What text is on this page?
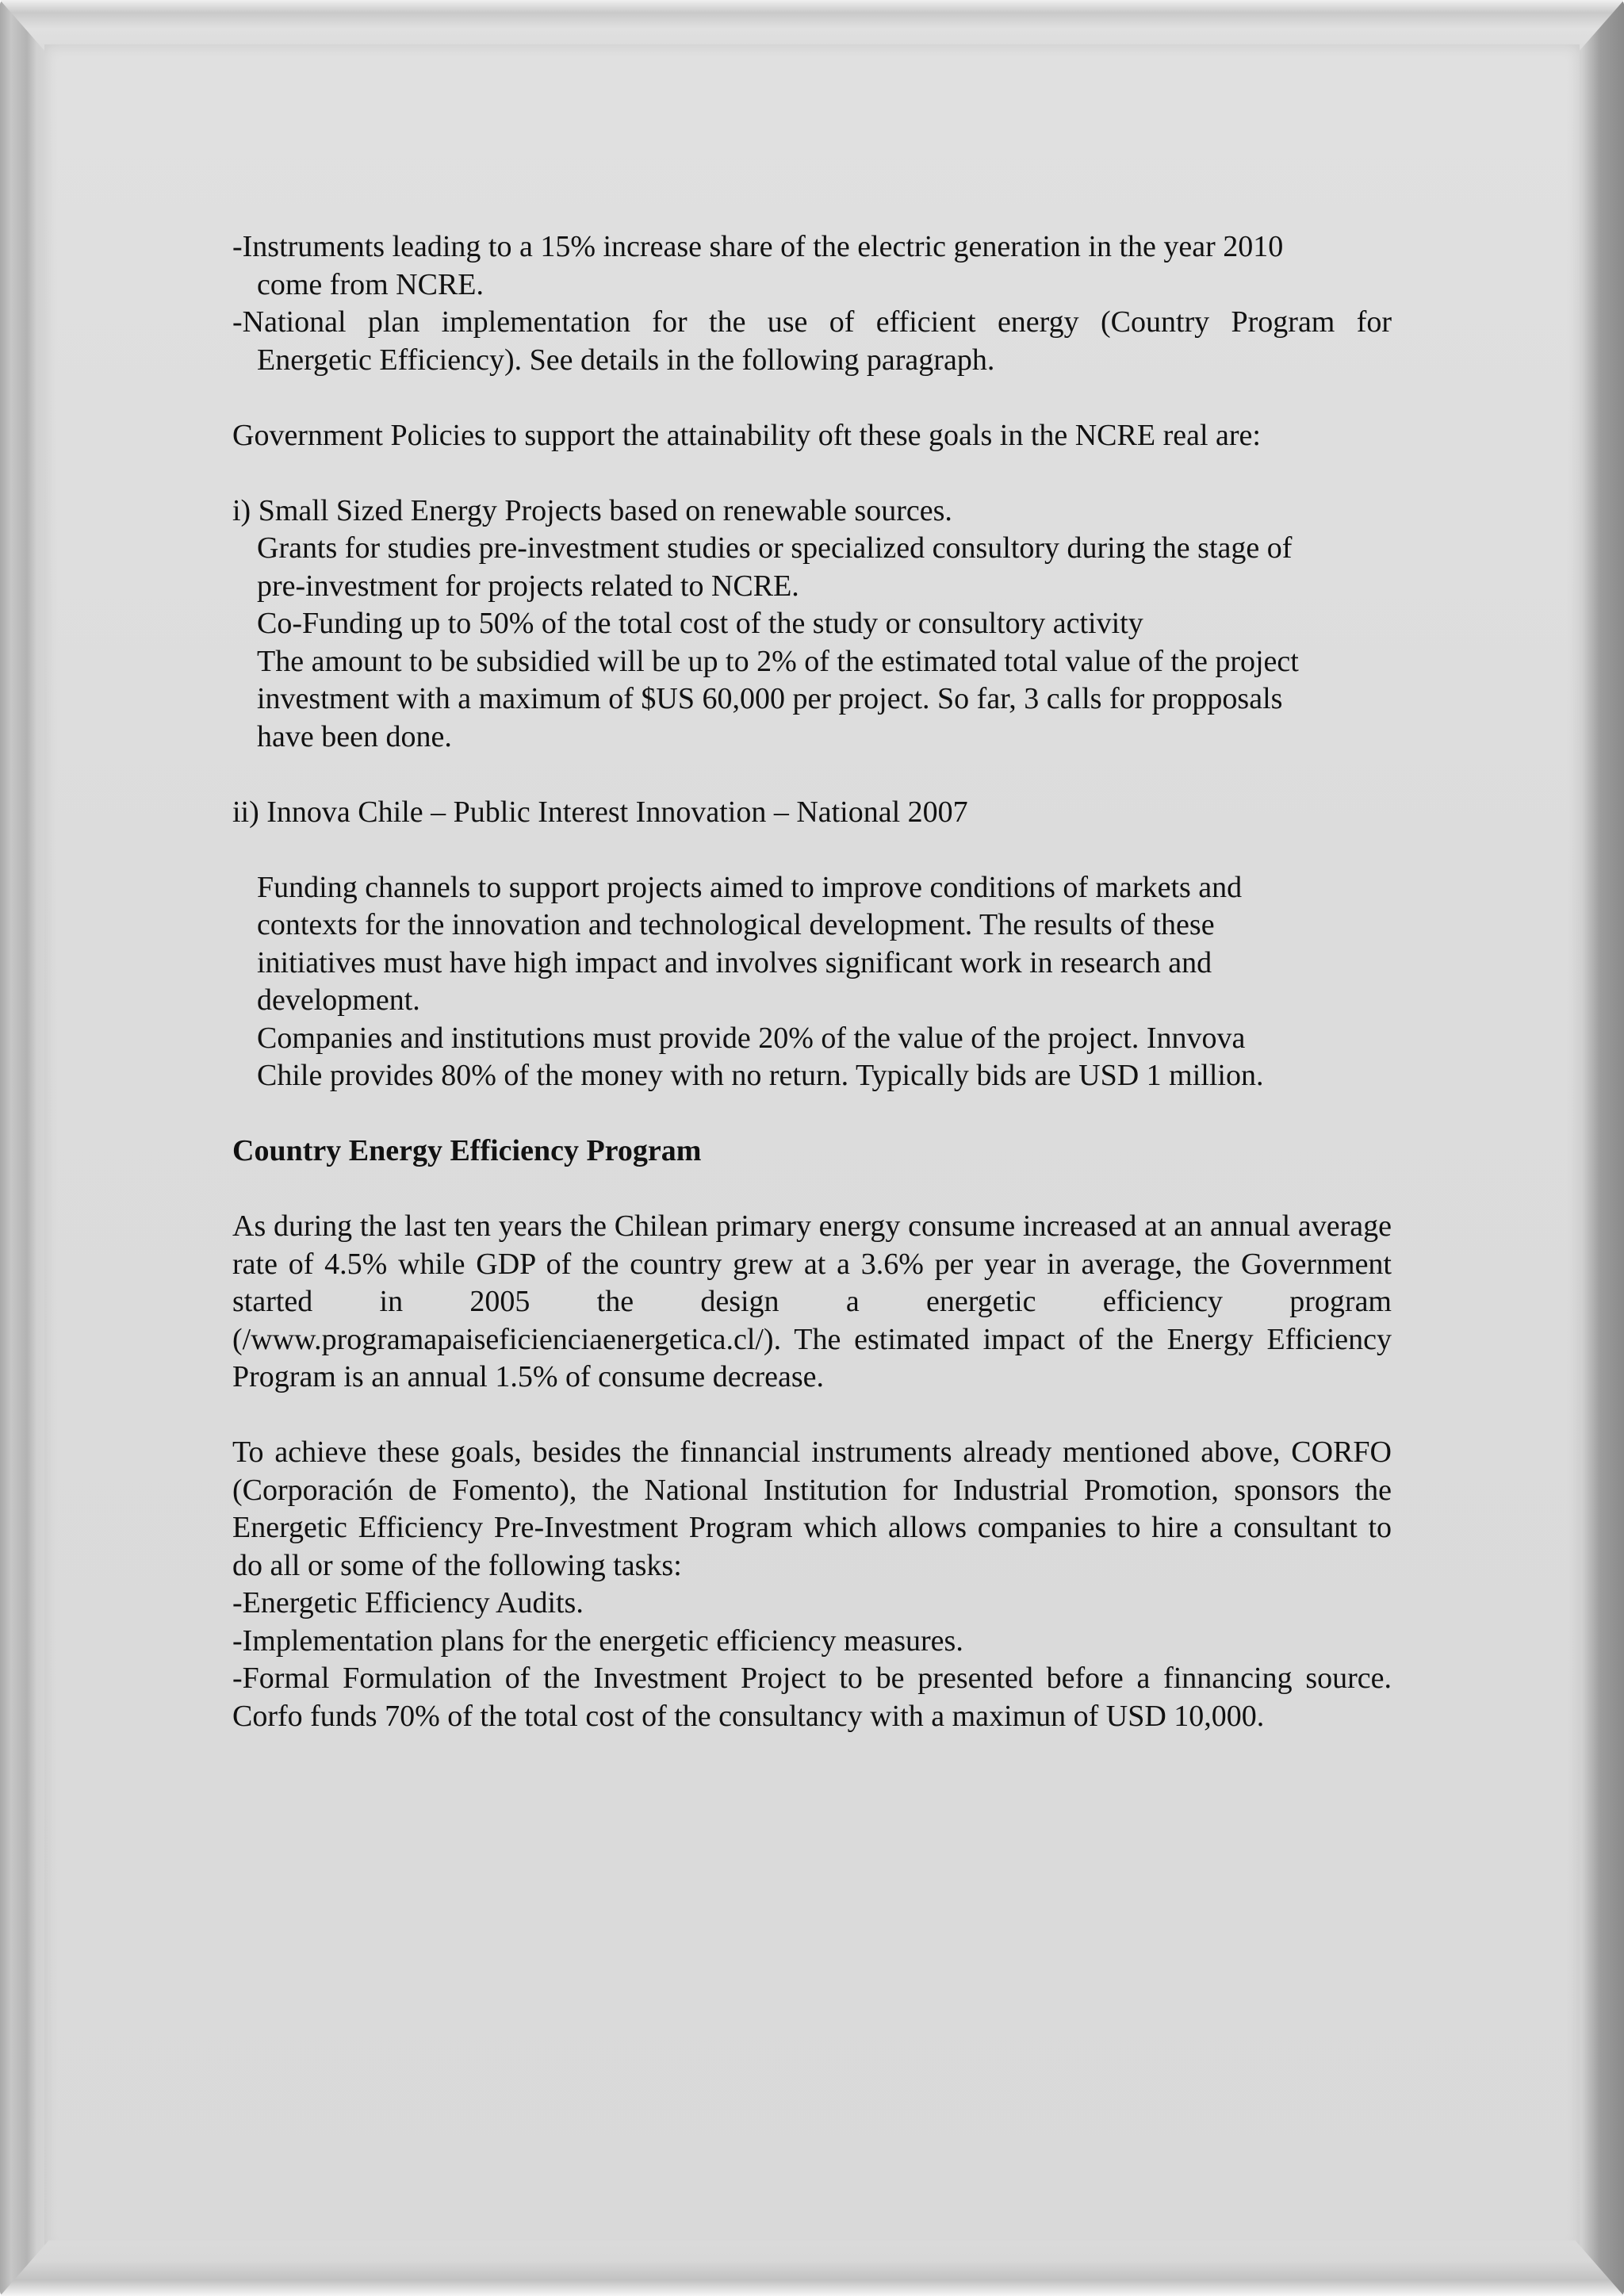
-Instruments leading to a 15% increase share of the electric generation in the year 2010

come from NCRE.

-National plan implementation for the use of efficient energy (Country Program for

Energetic Efficiency). See details in the following paragraph.

Government Policies to support the attainability oft these goals in the NCRE real are:

i) Small Sized Energy Projects based on renewable sources.

Grants for studies pre-investment studies or specialized consultory during the stage of

pre-investment for projects related to NCRE.

Co-Funding up to 50% of the total cost of the study or consultory activity

The amount to be subsidied will be up to 2% of the estimated total value of the project

investment with a maximum of $US 60,000 per project. So far, 3 calls for propposals

have been done.

ii) Innova Chile – Public Interest Innovation – National 2007

Funding channels to support projects aimed to improve conditions of markets and

contexts for the innovation and technological development. The results of these

initiatives must have high impact and involves significant work in research and

development.

Companies and institutions must provide 20% of the value of the project. Innvova

Chile provides 80% of the money with no return. Typically bids are USD 1 million.

Country Energy Efficiency Program

As during the last ten years the Chilean primary energy consume increased at an annual average rate of 4.5% while GDP of the country grew at a 3.6% per year in average, the Government started in 2005 the design a energetic efficiency program (/www.programapaiseficienciaenergetica.cl/). The estimated impact of the Energy Efficiency Program is an annual 1.5% of consume decrease.

To achieve these goals, besides the finnancial instruments already mentioned above, CORFO (Corporación de Fomento), the National Institution for Industrial Promotion, sponsors the Energetic Efficiency Pre-Investment Program which allows companies to hire a consultant to do all or some of the following tasks:

-Energetic Efficiency Audits.

-Implementation plans for the energetic efficiency measures.

-Formal Formulation of the Investment Project to be presented before a finnancing source. Corfo funds 70% of the total cost of the consultancy with a maximun of USD 10,000.
